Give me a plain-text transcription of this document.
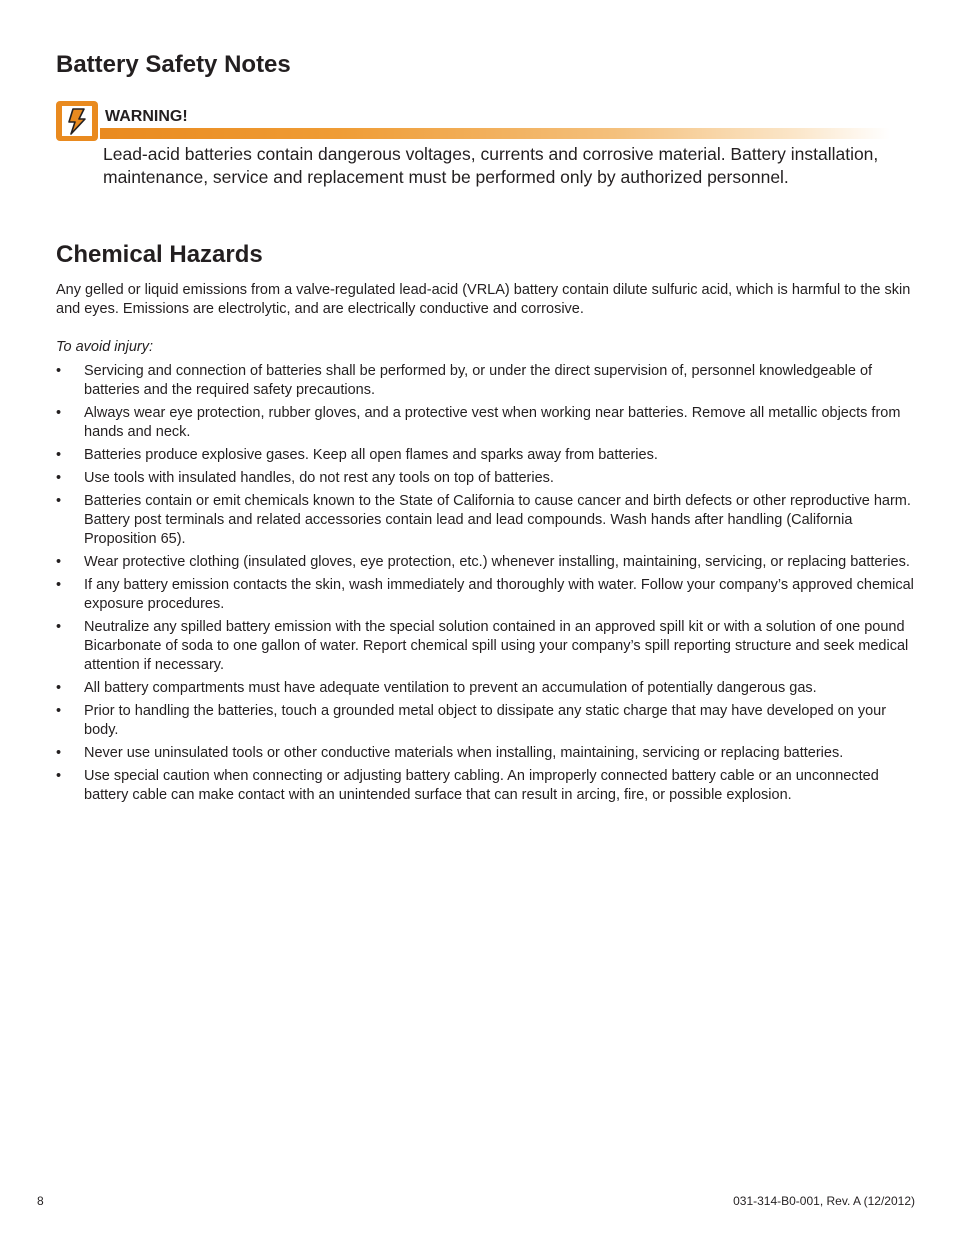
Battery Safety Notes
WARNING!

Lead-acid batteries contain dangerous voltages, currents and corrosive material. Battery installation, maintenance, service and replacement must be performed only by authorized personnel.

Chemical Hazards

Any gelled or liquid emissions from a valve-regulated lead-acid (VRLA) battery contain dilute sulfuric acid, which is harmful to the skin and eyes. Emissions are electrolytic, and are electrically conductive and corrosive.

To avoid injury:

• Servicing and connection of batteries shall be performed by, or under the direct supervision of, personnel knowledgeable of batteries and the required safety precautions.
• Always wear eye protection, rubber gloves, and a protective vest when working near batteries. Remove all metallic objects from hands and neck.
• Batteries produce explosive gases. Keep all open flames and sparks away from batteries.
• Use tools with insulated handles, do not rest any tools on top of batteries.
• Batteries contain or emit chemicals known to the State of California to cause cancer and birth defects or other reproductive harm. Battery post terminals and related accessories contain lead and lead compounds. Wash hands after handling (California Proposition 65).
• Wear protective clothing (insulated gloves, eye protection, etc.) whenever installing, maintaining, servicing, or replacing batteries.
• If any battery emission contacts the skin, wash immediately and thoroughly with water. Follow your company’s approved chemical exposure procedures.
• Neutralize any spilled battery emission with the special solution contained in an approved spill kit or with a solution of one pound Bicarbonate of soda to one gallon of water. Report chemical spill using your company’s spill reporting structure and seek medical attention if necessary.
• All battery compartments must have adequate ventilation to prevent an accumulation of potentially dangerous gas.
• Prior to handling the batteries, touch a grounded metal object to dissipate any static charge that may have developed on your body.
• Never use uninsulated tools or other conductive materials when installing, maintaining, servicing or replacing batteries.
• Use special caution when connecting or adjusting battery cabling. An improperly connected battery cable or an unconnected battery cable can make contact with an unintended surface that can result in arcing, fire, or possible explosion.
8	031-314-B0-001, Rev. A (12/2012)
